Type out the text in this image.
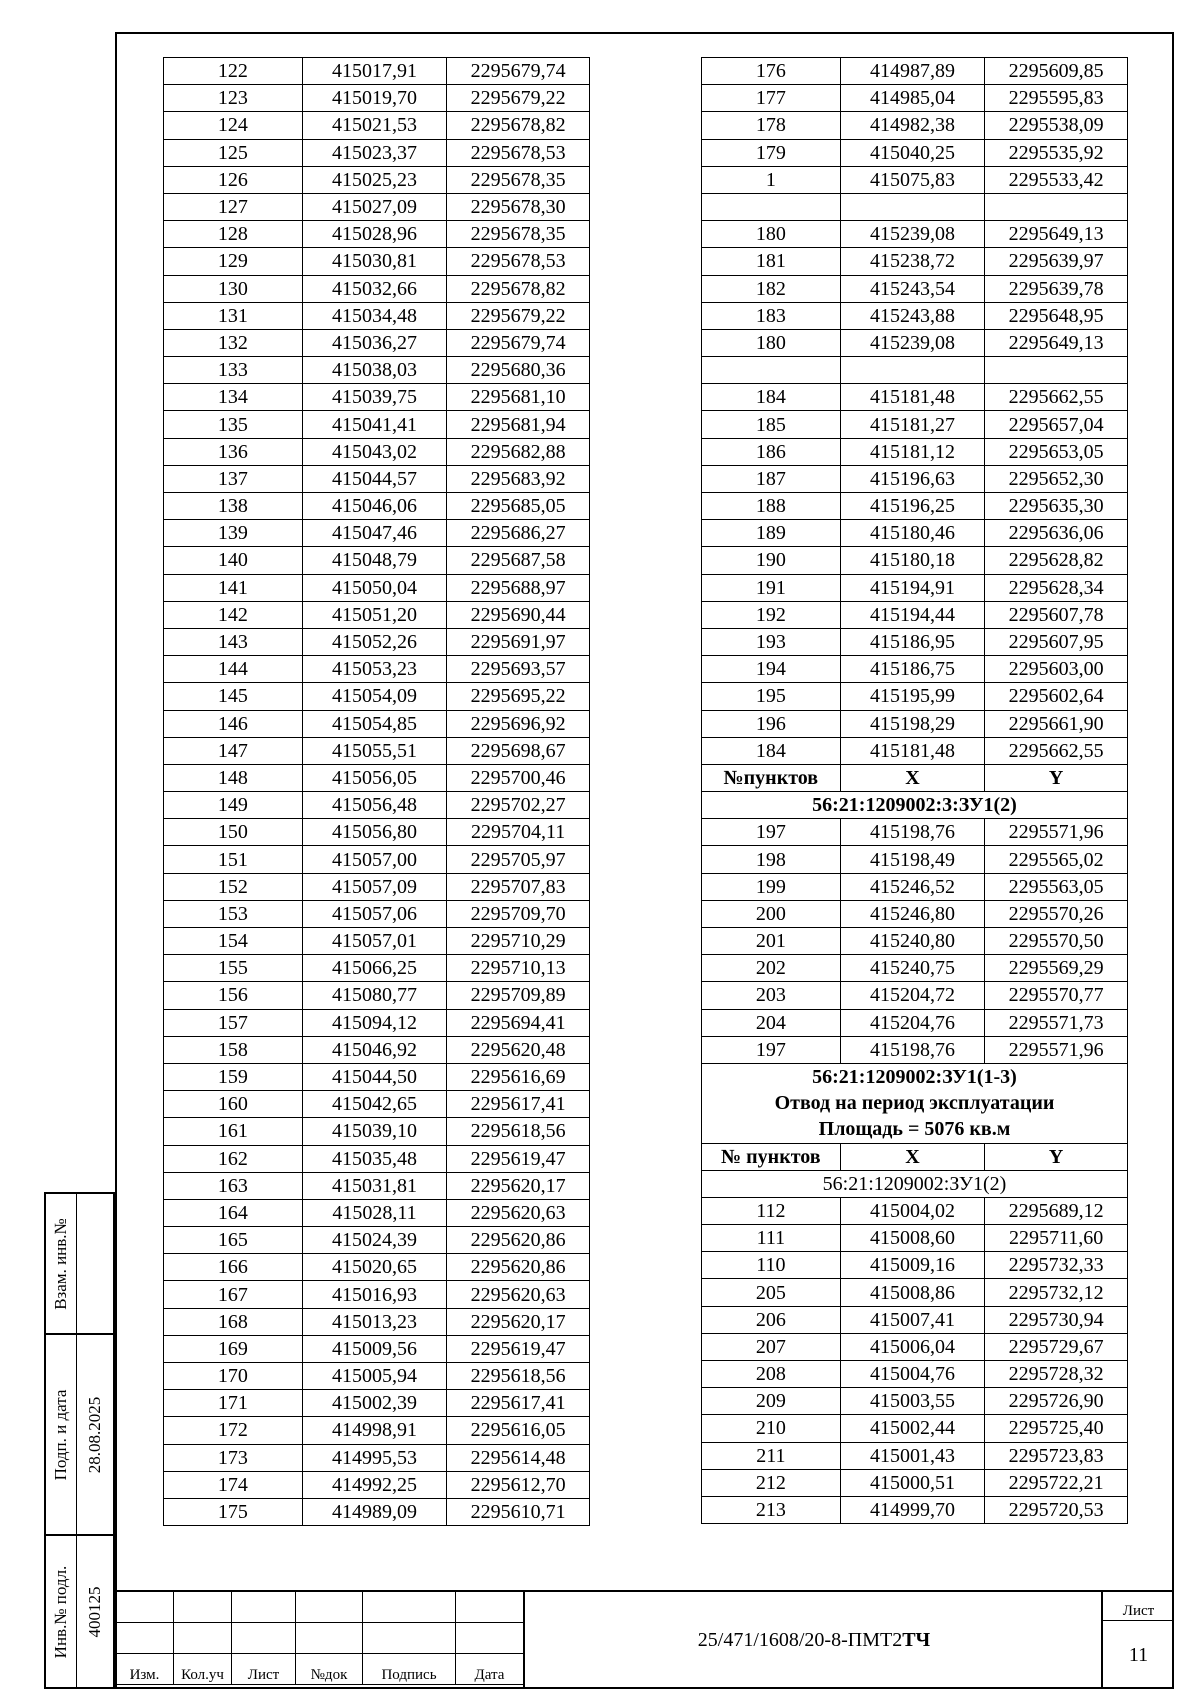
122	415017,91	2295679,74
123	415019,70	2295679,22
124	415021,53	2295678,82
125	415023,37	2295678,53
126	415025,23	2295678,35
127	415027,09	2295678,30
128	415028,96	2295678,35
129	415030,81	2295678,53
130	415032,66	2295678,82
131	415034,48	2295679,22
132	415036,27	2295679,74
133	415038,03	2295680,36
134	415039,75	2295681,10
135	415041,41	2295681,94
136	415043,02	2295682,88
137	415044,57	2295683,92
138	415046,06	2295685,05
139	415047,46	2295686,27
140	415048,79	2295687,58
141	415050,04	2295688,97
142	415051,20	2295690,44
143	415052,26	2295691,97
144	415053,23	2295693,57
145	415054,09	2295695,22
146	415054,85	2295696,92
147	415055,51	2295698,67
148	415056,05	2295700,46
149	415056,48	2295702,27
150	415056,80	2295704,11
151	415057,00	2295705,97
152	415057,09	2295707,83
153	415057,06	2295709,70
154	415057,01	2295710,29
155	415066,25	2295710,13
156	415080,77	2295709,89
157	415094,12	2295694,41
158	415046,92	2295620,48
159	415044,50	2295616,69
160	415042,65	2295617,41
161	415039,10	2295618,56
162	415035,48	2295619,47
163	415031,81	2295620,17
164	415028,11	2295620,63
165	415024,39	2295620,86
166	415020,65	2295620,86
167	415016,93	2295620,63
168	415013,23	2295620,17
169	415009,56	2295619,47
170	415005,94	2295618,56
171	415002,39	2295617,41
172	414998,91	2295616,05
173	414995,53	2295614,48
174	414992,25	2295612,70
175	414989,09	2295610,71
176	414987,89	2295609,85
177	414985,04	2295595,83
178	414982,38	2295538,09
179	415040,25	2295535,92
1	415075,83	2295533,42

180	415239,08	2295649,13
181	415238,72	2295639,97
182	415243,54	2295639,78
183	415243,88	2295648,95
180	415239,08	2295649,13

184	415181,48	2295662,55
185	415181,27	2295657,04
186	415181,12	2295653,05
187	415196,63	2295652,30
188	415196,25	2295635,30
189	415180,46	2295636,06
190	415180,18	2295628,82
191	415194,91	2295628,34
192	415194,44	2295607,78
193	415186,95	2295607,95
194	415186,75	2295603,00
195	415195,99	2295602,64
196	415198,29	2295661,90
184	415181,48	2295662,55
№пунктов	X	Y
56:21:1209002:3:ЗУ1(2)		
197	415198,76	2295571,96
198	415198,49	2295565,02
199	415246,52	2295563,05
200	415246,80	2295570,26
201	415240,80	2295570,50
202	415240,75	2295569,29
203	415204,72	2295570,77
204	415204,76	2295571,73
197	415198,76	2295571,96
56:21:1209002:ЗУ1(1-3)		
Отвод на период эксплуатации		
Площадь = 5076 кв.м		
№ пунктов	X	Y
56:21:1209002:ЗУ1(2)		
112	415004,02	2295689,12
111	415008,60	2295711,60
110	415009,16	2295732,33
205	415008,86	2295732,12
206	415007,41	2295730,94
207	415006,04	2295729,67
208	415004,76	2295728,32
209	415003,55	2295726,90
210	415002,44	2295725,40
211	415001,43	2295723,83
212	415000,51	2295722,21
213	414999,70	2295720,53
Взам. инв.№
Подп. и дата 28.08.2025
Инв.№ подл. 400125

Изм.	Кол.уч	Лист	№док	Подпись	Дата
25/471/1608/20-8-ПМТ2 ТЧ
Лист
11
